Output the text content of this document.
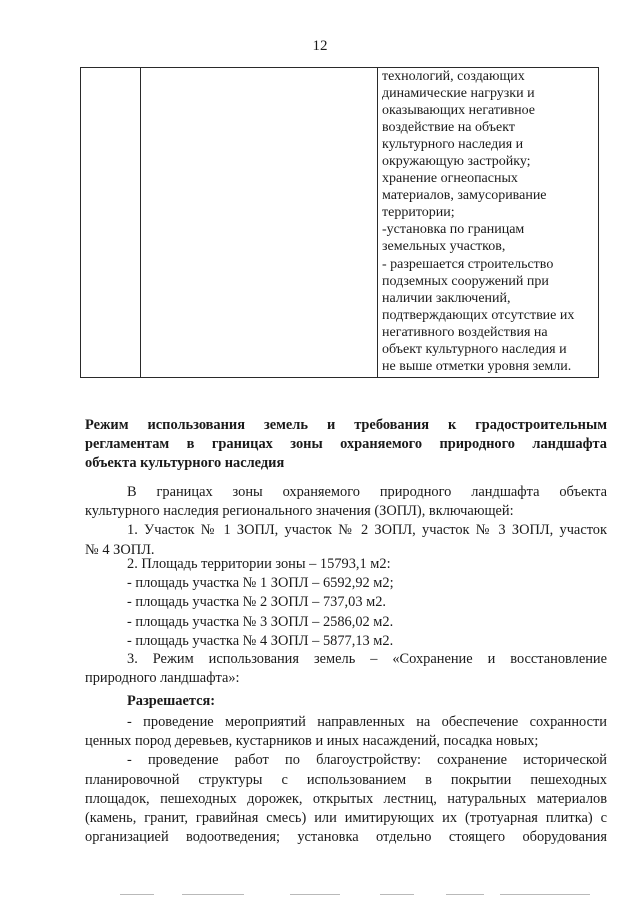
12
технологий, создающих
динамические нагрузки и
оказывающих негативное
воздействие на объект
культурного наследия и
окружающую застройку;
хранение огнеопасных
материалов, замусоривание
территории;
-установка по границам
земельных участков,
- разрешается строительство
подземных сооружений при
наличии заключений,
подтверждающих отсутствие их
негативного воздействия на
объект культурного наследия и
не выше отметки уровня земли.
Режим использования земель и требования к градостроительным
регламентам в границах зоны охраняемого природного ландшафта
объекта культурного наследия
В границах зоны охраняемого природного ландшафта объекта
культурного наследия регионального значения (ЗОПЛ), включающей:
1. Участок № 1 ЗОПЛ, участок № 2 ЗОПЛ, участок № 3 ЗОПЛ, участок
№ 4 ЗОПЛ.
2. Площадь территории зоны – 15793,1 м2:
- площадь участка № 1 ЗОПЛ – 6592,92 м2;
- площадь участка № 2 ЗОПЛ – 737,03 м2.
- площадь участка № 3 ЗОПЛ – 2586,02 м2.
- площадь участка № 4 ЗОПЛ – 5877,13 м2.
3. Режим использования земель – «Сохранение и восстановление
природного ландшафта»:
Разрешается:
- проведение мероприятий направленных на обеспечение сохранности
ценных пород деревьев, кустарников и иных насаждений, посадка новых;
- проведение работ по благоустройству: сохранение исторической
планировочной структуры с использованием в покрытии пешеходных
площадок, пешеходных дорожек, открытых лестниц, натуральных материалов
(камень, гранит, гравийная смесь) или имитирующих их (тротуарная плитка) с
организацией водоотведения; установка отдельно стоящего оборудования
